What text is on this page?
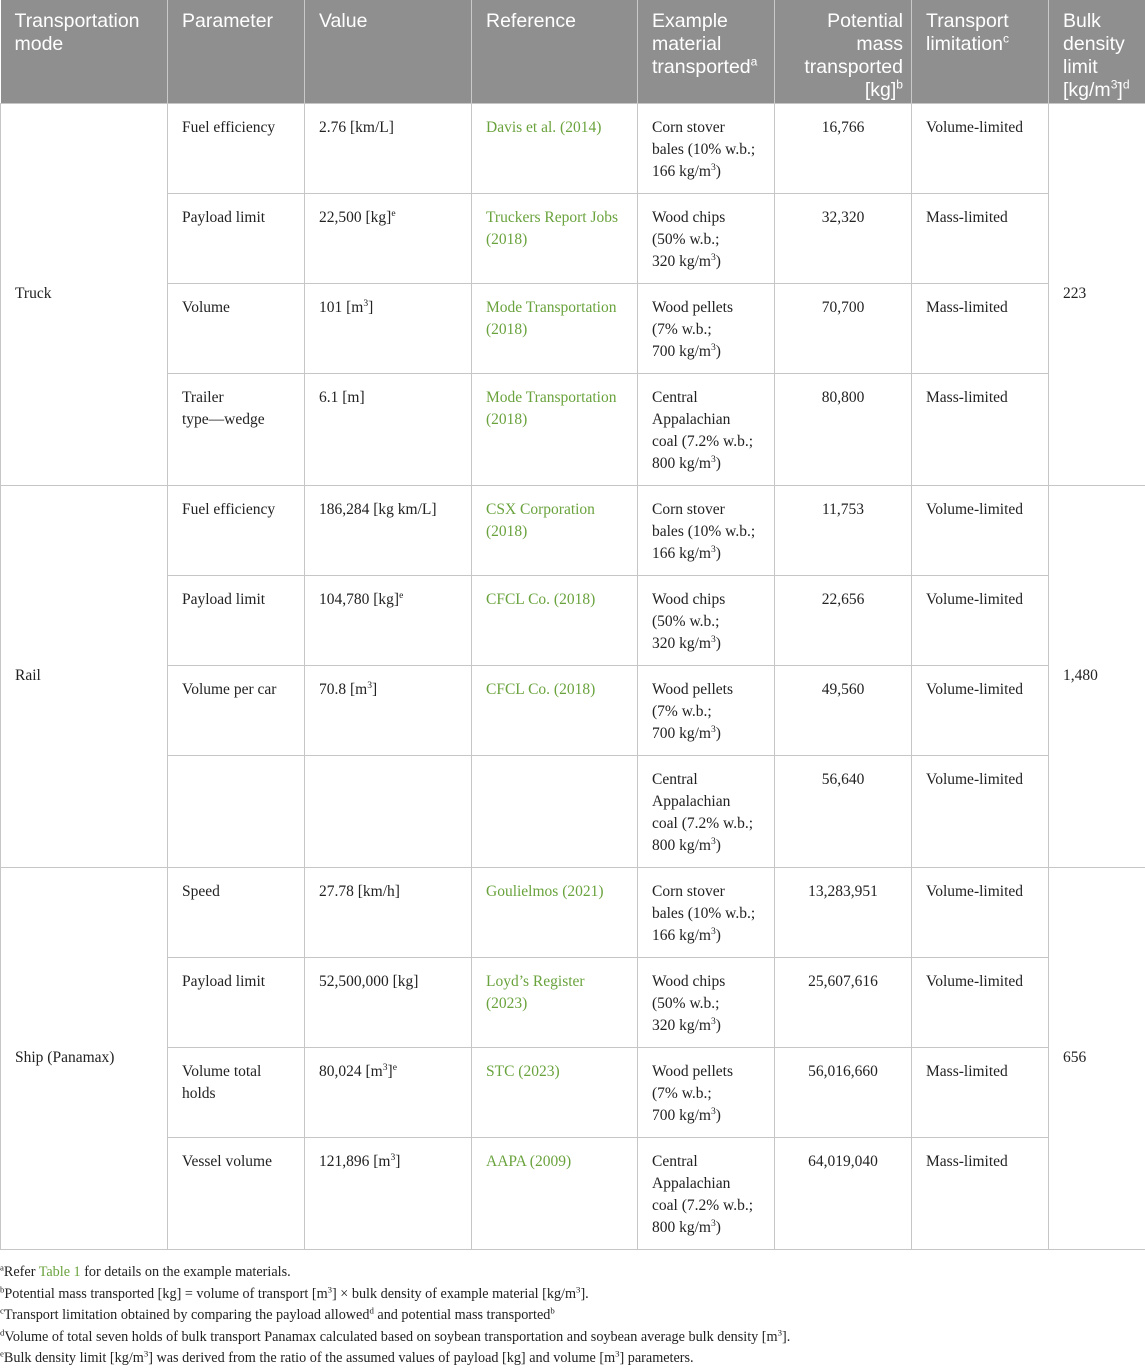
Transportation
mode	Parameter	Value	Reference	Example
material
transported$^a$	Potential
mass
transported
[kg]$^b$	Transport
limitation$^c$	Bulk
density
limit
$[kg/m^3]^d$
Truck	Fuel efficiency	2.76 [km/L]	Davis et al. (2014)	Corn stover
bales (10% w.b.;
166 $kg/m^3$)	16,766	Volume-limited	223
	Payload limit	22,500 [kg]$^e$	Truckers Report Jobs
(2018)	Wood chips
(50% w.b.;
320 $kg/m^3$)	32,320	Mass-limited	
	Volume	101 $[m^3]$	Mode Transportation
(2018)	Wood pellets
(7% w.b.;
700 $kg/m^3$)	70,700	Mass-limited	
	Trailer
type—wedge	6.1 [m]	Mode Transportation
(2018)	Central
Appalachian
coal (7.2% w.b.;
800 $kg/m^3$)	80,800	Mass-limited	
Rail	Fuel efficiency	186,284 [kg km/L]	CSX Corporation
(2018)	Corn stover
bales (10% w.b.;
166 $kg/m^3$)	11,753	Volume-limited	1,480
	Payload limit	104,780 [kg]$^e$	CFCL Co. (2018)	Wood chips
(50% w.b.;
320 $kg/m^3$)	22,656	Volume-limited	
	Volume per car	70.8 $[m^3]$	CFCL Co. (2018)	Wood pellets
(7% w.b.;
700 $kg/m^3$)	49,560	Volume-limited	
				Central
Appalachian
coal (7.2% w.b.;
800 $kg/m^3$)	56,640	Volume-limited	
Ship (Panamax)	Speed	27.78 [km/h]	Goulielmos (2021)	Corn stover
bales (10% w.b.;
166 $kg/m^3$)	13,283,951	Volume-limited	656
	Payload limit	52,500,000 [kg]	Loyd’s Register
(2023)	Wood chips
(50% w.b.;
320 $kg/m^3$)	25,607,616	Volume-limited	
	Volume total
holds	80,024 $[m^3]^e$	STC (2023)	Wood pellets
(7% w.b.;
700 $kg/m^3$)	56,016,660	Mass-limited	
	Vessel volume	121,896 $[m^3]$	AAPA (2009)	Central
Appalachian
coal (7.2% w.b.;
800 $kg/m^3$)	64,019,040	Mass-limited	
$^a$Refer Table 1 for details on the example materials.
$^b$Potential mass transported [kg] = volume of transport $[m^3]$ × bulk density of example material $[kg/m^3]$.
$^c$Transport limitation obtained by comparing the payload allowed$^d$ and potential mass transported$^b$
$^d$Volume of total seven holds of bulk transport Panamax calculated based on soybean transportation and soybean average bulk density $[m^3]$.
$^e$Bulk density limit $[kg/m^3]$ was derived from the ratio of the assumed values of payload [kg] and volume $[m^3]$ parameters.
